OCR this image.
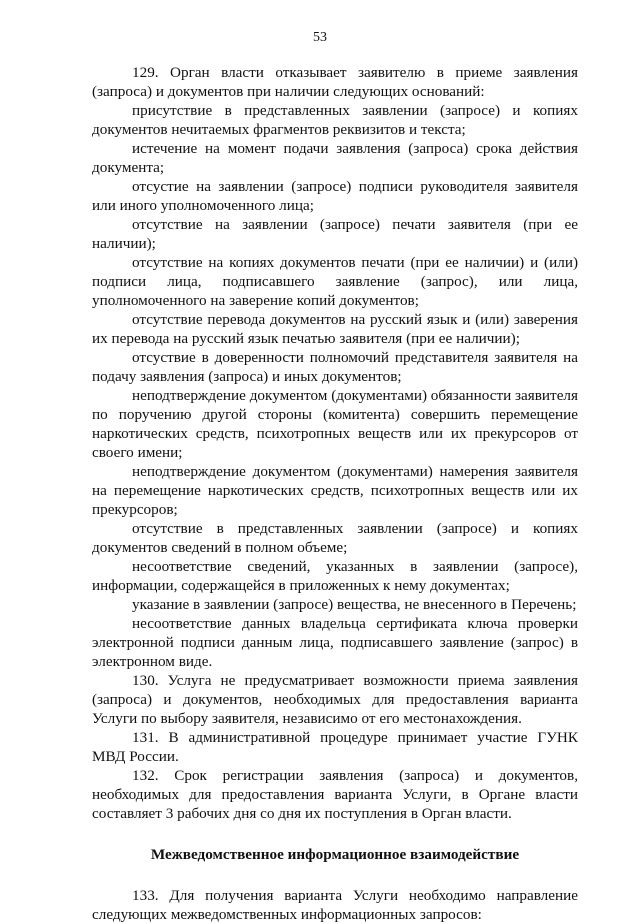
53

129. Орган власти отказывает заявителю в приеме заявления (запроса) и документов при наличии следующих оснований:

присутствие в представленных заявлении (запросе) и копиях документов нечитаемых фрагментов реквизитов и текста;

истечение на момент подачи заявления (запроса) срока действия документа;

отсустие на заявлении (запросе) подписи руководителя заявителя или иного уполномоченного лица;

отсутствие на заявлении (запросе) печати заявителя (при ее наличии);

отсутствие на копиях документов печати (при ее наличии) и (или) подписи лица, подписавшего заявление (запрос), или лица, уполномоченного на заверение копий документов;

отсутствие перевода документов на русский язык и (или) заверения их перевода на русский язык печатью заявителя (при ее наличии);

отсуствие в доверенности полномочий представителя заявителя на подачу заявления (запроса) и иных документов;

неподтверждение документом (документами) обязанности заявителя по поручению другой стороны (комитента) совершить перемещение наркотических средств, психотропных веществ или их прекурсоров от своего имени;

неподтверждение документом (документами) намерения заявителя на перемещение наркотических средств, психотропных веществ или их прекурсоров;

отсутствие в представленных заявлении (запросе) и копиях документов сведений в полном объеме;

несоответствие сведений, указанных в заявлении (запросе), информации, содержащейся в приложенных к нему документах;

указание в заявлении (запросе) вещества, не внесенного в Перечень;

несоответствие данных владельца сертификата ключа проверки электронной подписи данным лица, подписавшего заявление (запрос) в электронном виде.

130. Услуга не предусматривает возможности приема заявления (запроса) и документов, необходимых для предоставления варианта Услуги по выбору заявителя, независимо от его местонахождения.

131. В административной процедуре принимает участие ГУНК МВД России.

132. Срок регистрации заявления (запроса) и документов, необходимых для предоставления варианта Услуги, в Органе власти составляет 3 рабочих дня со дня их поступления в Орган власти.

Межведомственное информационное взаимодействие

133. Для получения варианта Услуги необходимо направление следующих межведомственных информационных запросов:
